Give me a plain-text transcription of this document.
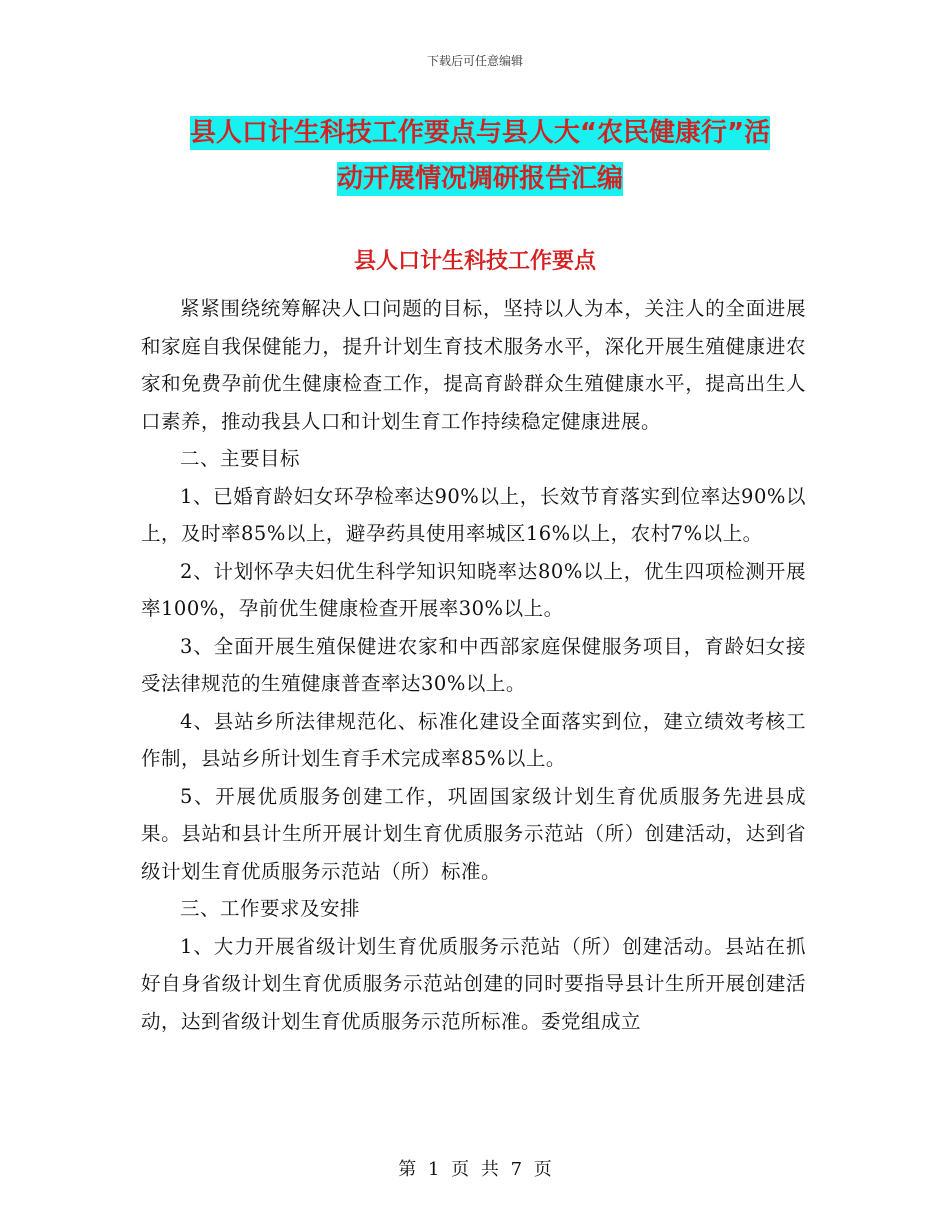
下载后可任意编辑
县人口计生科技工作要点与县人大“农民健康行”活
动开展情况调研报告汇编
县人口计生科技工作要点

紧紧围绕统筹解决人口问题的目标，坚持以人为本，关注人的全面进展和家庭自我保健能力，提升计划生育技术服务水平，深化开展生殖健康进农家和免费孕前优生健康检查工作，提高育龄群众生殖健康水平，提高出生人口素养，推动我县人口和计划生育工作持续稳定健康进展。

二、主要目标

1、已婚育龄妇女环孕检率达90%以上，长效节育落实到位率达90%以上，及时率85%以上，避孕药具使用率城区16%以上，农村7%以上。

2、计划怀孕夫妇优生科学知识知晓率达80%以上，优生四项检测开展率100%，孕前优生健康检查开展率30%以上。

3、全面开展生殖保健进农家和中西部家庭保健服务项目，育龄妇女接受法律规范的生殖健康普查率达30%以上。

4、县站乡所法律规范化、标准化建设全面落实到位，建立绩效考核工作制，县站乡所计划生育手术完成率85%以上。

5、开展优质服务创建工作，巩固国家级计划生育优质服务先进县成果。县站和县计生所开展计划生育优质服务示范站（所）创建活动，达到省级计划生育优质服务示范站（所）标准。

三、工作要求及安排

1、大力开展省级计划生育优质服务示范站（所）创建活动。县站在抓好自身省级计划生育优质服务示范站创建的同时要指导县计生所开展创建活动，达到省级计划生育优质服务示范所标准。委党组成立

第 1 页 共 7 页
